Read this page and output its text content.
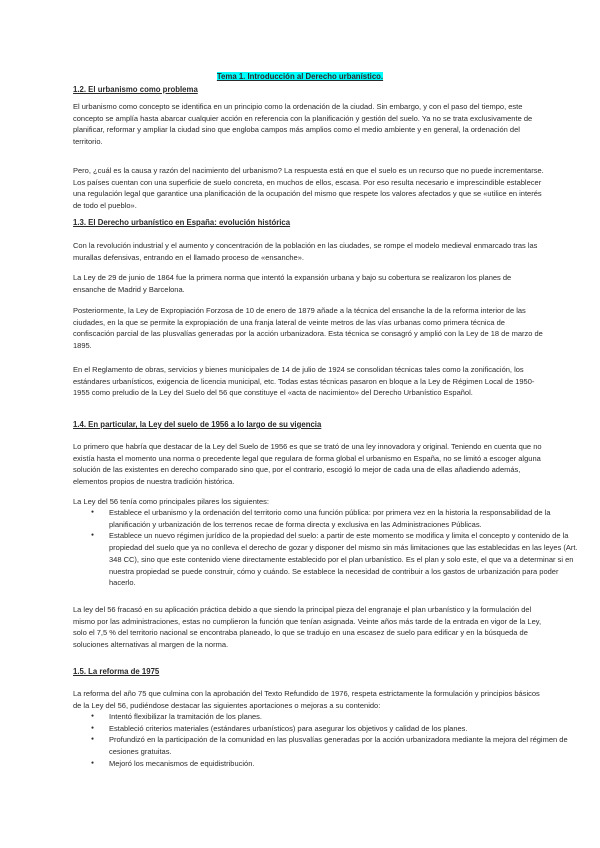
Tema 1. Introducción al Derecho urbanístico.
1.2. El urbanismo como problema

El urbanismo como concepto se identifica en un principio como la ordenación de la ciudad. Sin embargo, y con el paso del tiempo, este concepto se amplía hasta abarcar cualquier acción en referencia con la planificación y gestión del suelo. Ya no se trata exclusivamente de planificar, reformar y ampliar la ciudad sino que engloba campos más amplios como el medio ambiente y en general, la ordenación del territorio.

Pero, ¿cuál es la causa y razón del nacimiento del urbanismo? La respuesta está en que el suelo es un recurso que no puede incrementarse. Los países cuentan con una superficie de suelo concreta, en muchos de ellos, escasa. Por eso resulta necesario e imprescindible establecer una regulación legal que garantice una planificación de la ocupación del mismo que respete los valores afectados y que se «utilice en interés de todo el pueblo».

1.3. El Derecho urbanístico en España: evolución histórica

Con la revolución industrial y el aumento y concentración de la población en las ciudades, se rompe el modelo medieval enmarcado tras las murallas defensivas, entrando en el llamado proceso de «ensanche».

La Ley de 29 de junio de 1864 fue la primera norma que intentó la expansión urbana y bajo su cobertura se realizaron los planes de ensanche de Madrid y Barcelona.

Posteriormente, la Ley de Expropiación Forzosa de 10 de enero de 1879 añade a la técnica del ensanche la de la reforma interior de las ciudades, en la que se permite la expropiación de una franja lateral de veinte metros de las vías urbanas como primera técnica de confiscación parcial de las plusvalías generadas por la acción urbanizadora. Esta técnica se consagró y amplió con la Ley de 18 de marzo de 1895.

En el Reglamento de obras, servicios y bienes municipales de 14 de julio de 1924 se consolidan técnicas tales como la zonificación, los estándares urbanísticos, exigencia de licencia municipal, etc. Todas estas técnicas pasaron en bloque a la Ley de Régimen Local de 1950-1955 como preludio de la Ley del Suelo del 56 que constituye el «acta de nacimiento» del Derecho Urbanístico Español.

1.4. En particular, la Ley del suelo de 1956 a lo largo de su vigencia

Lo primero que habría que destacar de la Ley del Suelo de 1956 es que se trató de una ley innovadora y original. Teniendo en cuenta que no existía hasta el momento una norma o precedente legal que regulara de forma global el urbanismo en España, no se limitó a escoger alguna solución de las existentes en derecho comparado sino que, por el contrario, escogió lo mejor de cada una de ellas añadiendo además, elementos propios de nuestra tradición histórica.

La Ley del 56 tenía como principales pilares los siguientes:

● Establece el urbanismo y la ordenación del territorio como una función pública: por primera vez en la historia la responsabilidad de la planificación y urbanización de los terrenos recae de forma directa y exclusiva en las Administraciones Públicas.
● Establece un nuevo régimen jurídico de la propiedad del suelo: a partir de este momento se modifica y limita el concepto y contenido de la propiedad del suelo que ya no conlleva el derecho de gozar y disponer del mismo sin más limitaciones que las establecidas en las leyes (Art. 348 CC), sino que este contenido viene directamente establecido por el plan urbanístico. Es el plan y solo este, el que va a determinar si en nuestra propiedad se puede construir, cómo y cuándo. Se establece la necesidad de contribuir a los gastos de urbanización para poder hacerlo.

La ley del 56 fracasó en su aplicación práctica debido a que siendo la principal pieza del engranaje el plan urbanístico y la formulación del mismo por las administraciones, estas no cumplieron la función que tenían asignada. Veinte años más tarde de la entrada en vigor de la Ley, solo el 7,5 % del territorio nacional se encontraba planeado, lo que se tradujo en una escasez de suelo para edificar y en la búsqueda de soluciones alternativas al margen de la norma.

1.5. La reforma de 1975

La reforma del año 75 que culmina con la aprobación del Texto Refundido de 1976, respeta estrictamente la formulación y principios básicos de la Ley del 56, pudiéndose destacar las siguientes aportaciones o mejoras a su contenido:

● Intentó flexibilizar la tramitación de los planes.
● Estableció criterios materiales (estándares urbanísticos) para asegurar los objetivos y calidad de los planes.
● Profundizó en la participación de la comunidad en las plusvalías generadas por la acción urbanizadora mediante la mejora del régimen de cesiones gratuitas.
● Mejoró los mecanismos de equidistribución.
